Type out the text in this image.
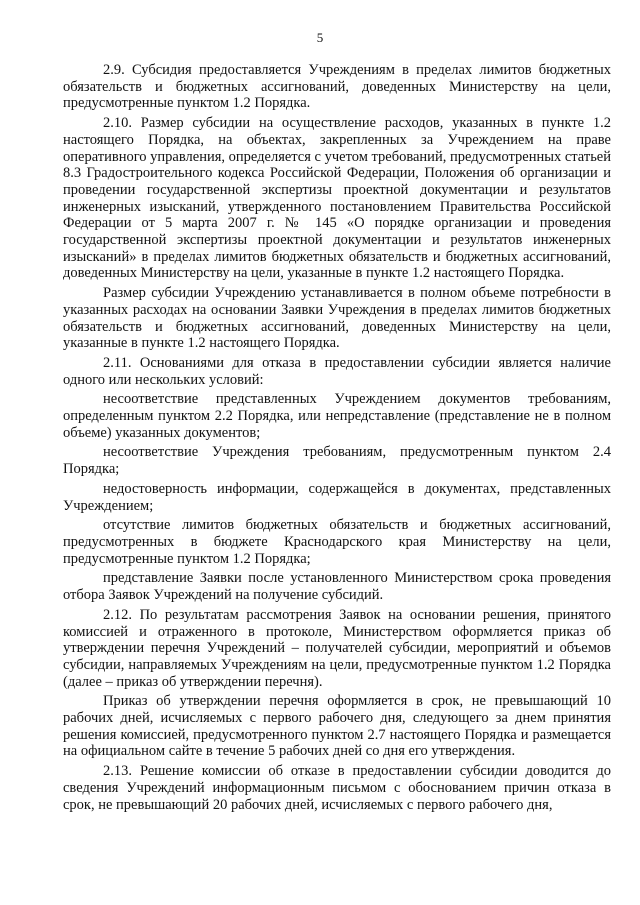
5

2.9. Субсидия предоставляется Учреждениям в пределах лимитов бюджетных обязательств и бюджетных ассигнований, доведенных Министерству на цели, предусмотренные пунктом 1.2 Порядка.

2.10. Размер субсидии на осуществление расходов, указанных в пункте 1.2 настоящего Порядка, на объектах, закрепленных за Учреждением на праве оперативного управления, определяется с учетом требований, предусмотренных статьей 8.3 Градостроительного кодекса Российской Федерации, Положения об организации и проведении государственной экспертизы проектной документации и результатов инженерных изысканий, утвержденного постановлением Правительства Российской Федерации от 5 марта 2007 г. № 145 «О порядке организации и проведения государственной экспертизы проектной документации и результатов инженерных изысканий» в пределах лимитов бюджетных обязательств и бюджетных ассигнований, доведенных Министерству на цели, указанные в пункте 1.2 настоящего Порядка.

Размер субсидии Учреждению устанавливается в полном объеме потребности в указанных расходах на основании Заявки Учреждения в пределах лимитов бюджетных обязательств и бюджетных ассигнований, доведенных Министерству на цели, указанные в пункте 1.2 настоящего Порядка.

2.11. Основаниями для отказа в предоставлении субсидии является наличие одного или нескольких условий:

несоответствие представленных Учреждением документов требованиям, определенным пунктом 2.2 Порядка, или непредставление (представление не в полном объеме) указанных документов;

несоответствие Учреждения требованиям, предусмотренным пунктом 2.4 Порядка;

недостоверность информации, содержащейся в документах, представленных Учреждением;

отсутствие лимитов бюджетных обязательств и бюджетных ассигнований, предусмотренных в бюджете Краснодарского края Министерству на цели, предусмотренные пунктом 1.2 Порядка;

представление Заявки после установленного Министерством срока проведения отбора Заявок Учреждений на получение субсидий.

2.12. По результатам рассмотрения Заявок на основании решения, принятого комиссией и отраженного в протоколе, Министерством оформляется приказ об утверждении перечня Учреждений – получателей субсидии, мероприятий и объемов субсидии, направляемых Учреждениям на цели, предусмотренные пунктом 1.2 Порядка (далее – приказ об утверждении перечня).

Приказ об утверждении перечня оформляется в срок, не превышающий 10 рабочих дней, исчисляемых с первого рабочего дня, следующего за днем принятия решения комиссией, предусмотренного пунктом 2.7 настоящего Порядка и размещается на официальном сайте в течение 5 рабочих дней со дня его утверждения.

2.13. Решение комиссии об отказе в предоставлении субсидии доводится до сведения Учреждений информационным письмом с обоснованием причин отказа в срок, не превышающий 20 рабочих дней, исчисляемых с первого рабочего дня,
